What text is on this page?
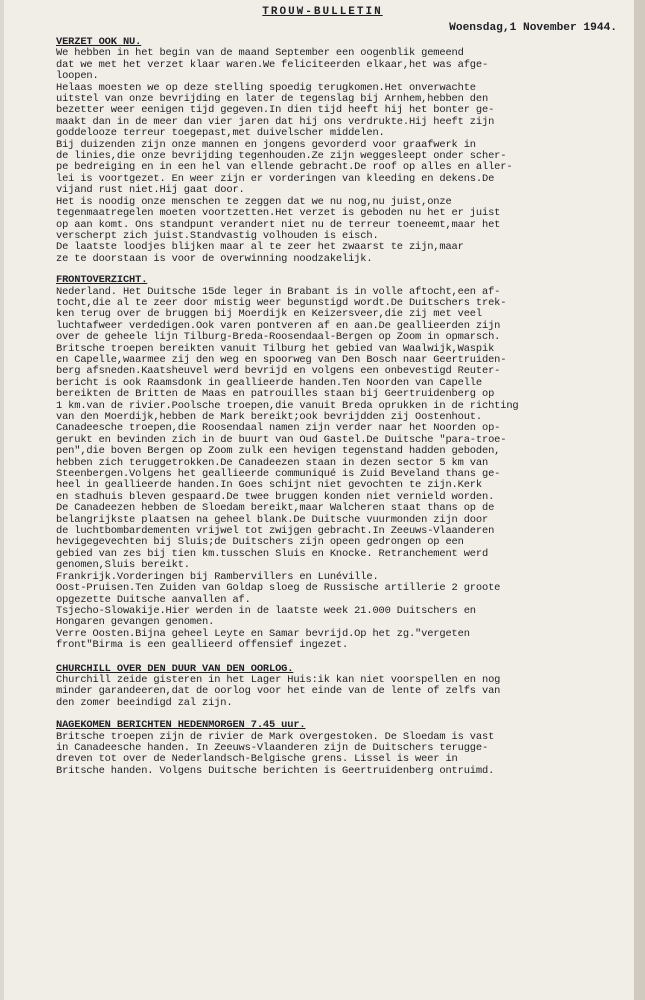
TROUW-BULLETIN
Woensdag,1 November 1944.
VERZET OOK NU.

We hebben in het begin van de maand September een oogenblik gemeend
dat we met het verzet klaar waren.We feliciteerden elkaar,het was afge-
loopen.

Helaas moesten we op deze stelling spoedig terugkomen.Het onverwachte
uitstel van onze bevrijding en later de tegenslag bij Arnhem,hebben den
bezetter weer eenigen tijd gegeven.In dien tijd heeft hij het bonter ge-
maakt dan in de meer dan vier jaren dat hij ons verdrukte.Hij heeft zijn
goddelooze terreur toegepast,met duivelscher middelen.

Bij duizenden zijn onze mannen en jongens gevorderd voor graafwerk in
de linies,die onze bevrijding tegenhouden.Ze zijn weggesleept onder scher-
pe bedreiging en in een hel van ellende gebracht.De roof op alles en aller-
lei is voortgezet. En weer zijn er vorderingen van kleeding en dekens.De
vijand rust niet.Hij gaat door.

Het is noodig onze menschen te zeggen dat we nu nog,nu juist,onze
tegenmaatregelen moeten voortzetten.Het verzet is geboden nu het er juist
op aan komt. Ons standpunt verandert niet nu de terreur toeneemt,maar het
verscherpt zich juist.Standvastig volhouden is eisch.

De laatste loodjes blijken maar al te zeer het zwaarst te zijn,maar
ze te doorstaan is voor de overwinning noodzakelijk.

FRONTOVERZICHT.

Nederland. Het Duitsche 15de leger in Brabant is in volle aftocht,een af-
tocht,die al te zeer door mistig weer begunstigd wordt.De Duitschers trek-
ken terug over de bruggen bij Moerdijk en Keizersveer,die zij met veel
luchtafweer verdedigen.Ook varen pontveren af en aan.De geallieerden zijn
over de geheele lijn Tilburg-Breda-Roosendaal-Bergen op Zoom in opmarsch.
Britsche troepen bereikten vanuit Tilburg het gebied van Waalwijk,Waspik
en Capelle,waarmee zij den weg en spoorweg van Den Bosch naar Geertruiden-
berg afsneden.Kaatsheuvel werd bevrijd en volgens een onbevestigd Reuter-
bericht is ook Raamsdonk in geallieerde handen.Ten Noorden van Capelle
bereikten de Britten de Maas en patrouilles staan bij Geertruidenberg op
1 km.van de rivier.Poolsche troepen,die vanuit Breda oprukken in de richting
van den Moerdijk,hebben de Mark bereikt;ook bevrijdden zij Oostenhout.
Canadeesche troepen,die Roosendaal namen zijn verder naar het Noorden op-
gerukt en bevinden zich in de buurt van Oud Gastel.De Duitsche "para-troe-
pen",die boven Bergen op Zoom zulk een hevigen tegenstand hadden geboden,
hebben zich teruggetrokken.De Canadeezen staan in dezen sector 5 km van
Steenbergen.Volgens het geallieerde communiqué is Zuid Beveland thans ge-
heel in geallieerde handen.In Goes schijnt niet gevochten te zijn.Kerk
en stadhuis bleven gespaard.De twee bruggen konden niet vernield worden.
De Canadeezen hebben de Sloedam bereikt,maar Walcheren staat thans op de
belangrijkste plaatsen na geheel blank.De Duitsche vuurmonden zijn door
de luchtbombardementen vrijwel tot zwijgen gebracht.In Zeeuws-Vlaanderen
hevigegevechten bij Sluis;de Duitschers zijn opeen gedrongen op een
gebied van zes bij tien km.tusschen Sluis en Knocke. Retranchement werd
genomen,Sluis bereikt.

Frankrijk.Vorderingen bij Rambervillers en Lunéville.
Oost-Pruisen.Ten Zuiden van Goldap sloeg de Russische artillerie 2 groote
opgezette Duitsche aanvallen af.
Tsjecho-Slowakije.Hier werden in de laatste week 21.000 Duitschers en
Hongaren gevangen genomen.
Verre Oosten.Bijna geheel Leyte en Samar bevrijd.Op het zg."vergeten
front"Birma is een geallieerd offensief ingezet.

CHURCHILL OVER DEN DUUR VAN DEN OORLOG.

Churchill zeide gisteren in het Lager Huis:ik kan niet voorspellen en nog
minder garandeeren,dat de oorlog voor het einde van de lente of zelfs van
den zomer beeindigd zal zijn.

NAGEKOMEN BERICHTEN HEDENMORGEN 7.45 uur.

Britsche troepen zijn de rivier de Mark overgestoken. De Sloedam is vast
in Canadeesche handen. In Zeeuws-Vlaanderen zijn de Duitschers terugge-
dreven tot over de Nederlandsch-Belgische grens. Lissel is weer in
Britsche handen. Volgens Duitsche berichten is Geertruidenberg ontruimd.
